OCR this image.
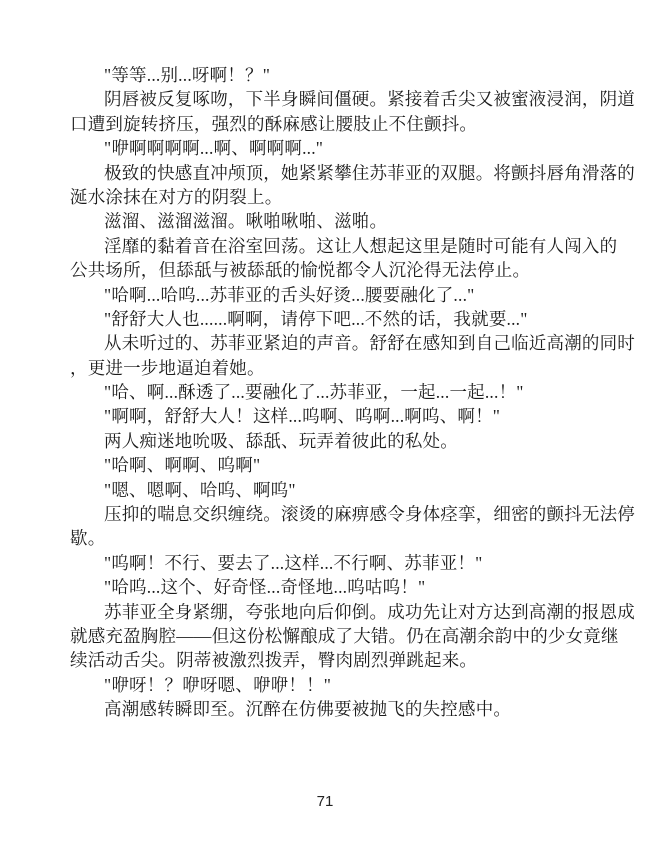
"等等...别...呀啊！？"
阴唇被反复啄吻，下半身瞬间僵硬。紧接着舌尖又被蜜液浸润，阴道
口遭到旋转挤压，强烈的酥麻感让腰肢止不住颤抖。
"咿啊啊啊啊...啊、啊啊啊..."
极致的快感直冲颅顶，她紧紧攀住苏菲亚的双腿。将颤抖唇角滑落的
涎水涂抹在对方的阴裂上。
滋溜、滋溜滋溜。啾啪啾啪、滋啪。
淫靡的黏着音在浴室回荡。这让人想起这里是随时可能有人闯入的
公共场所，但舔舐与被舔舐的愉悦都令人沉沦得无法停止。
"哈啊...哈呜...苏菲亚的舌头好烫...腰要融化了..."
"舒舒大人也......啊啊，请停下吧...不然的话，我就要..."
从未听过的、苏菲亚紧迫的声音。舒舒在感知到自己临近高潮的同时
，更进一步地逼迫着她。
"哈、啊...酥透了...要融化了...苏菲亚，一起...一起...！"
"啊啊，舒舒大人！这样...呜啊、呜啊...啊呜、啊！"
两人痴迷地吮吸、舔舐、玩弄着彼此的私处。
"哈啊、啊啊、呜啊"
"嗯、嗯啊、哈呜、啊呜"
压抑的喘息交织缠绕。滚烫的麻痹感令身体痉挛，细密的颤抖无法停
歇。
"呜啊！不行、要去了...这样...不行啊、苏菲亚！"
"哈呜...这个、好奇怪...奇怪地...呜咕呜！"
苏菲亚全身紧绷，夸张地向后仰倒。成功先让对方达到高潮的报恩成
就感充盈胸腔——但这份松懈酿成了大错。仍在高潮余韵中的少女竟继
续活动舌尖。阴蒂被激烈拨弄，臀肉剧烈弹跳起来。
"咿呀！？咿呀嗯、咿咿！！"
高潮感转瞬即至。沉醉在仿佛要被抛飞的失控感中。
71
